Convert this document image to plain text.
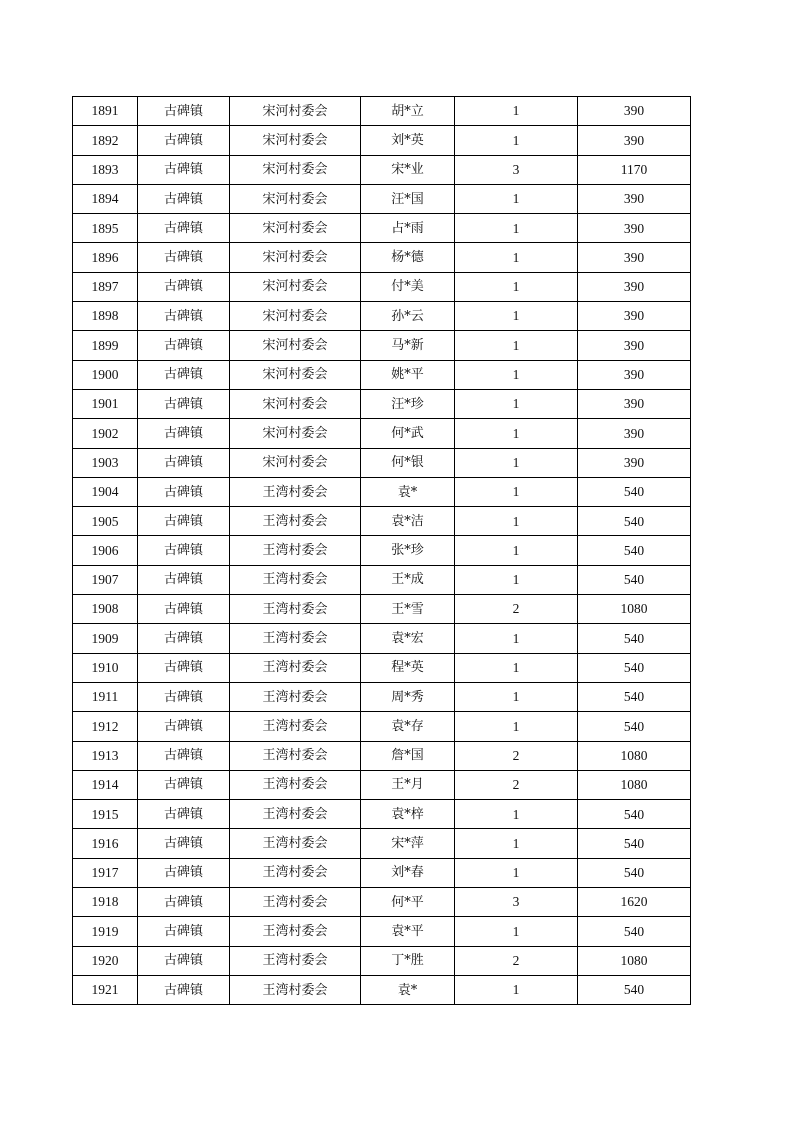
1891	古碑镇	宋河村委会	胡*立	1	390
1892	古碑镇	宋河村委会	刘*英	1	390
1893	古碑镇	宋河村委会	宋*业	3	1170
1894	古碑镇	宋河村委会	汪*国	1	390
1895	古碑镇	宋河村委会	占*雨	1	390
1896	古碑镇	宋河村委会	杨*德	1	390
1897	古碑镇	宋河村委会	付*美	1	390
1898	古碑镇	宋河村委会	孙*云	1	390
1899	古碑镇	宋河村委会	马*新	1	390
1900	古碑镇	宋河村委会	姚*平	1	390
1901	古碑镇	宋河村委会	汪*珍	1	390
1902	古碑镇	宋河村委会	何*武	1	390
1903	古碑镇	宋河村委会	何*银	1	390
1904	古碑镇	王湾村委会	袁*	1	540
1905	古碑镇	王湾村委会	袁*洁	1	540
1906	古碑镇	王湾村委会	张*珍	1	540
1907	古碑镇	王湾村委会	王*成	1	540
1908	古碑镇	王湾村委会	王*雪	2	1080
1909	古碑镇	王湾村委会	袁*宏	1	540
1910	古碑镇	王湾村委会	程*英	1	540
1911	古碑镇	王湾村委会	周*秀	1	540
1912	古碑镇	王湾村委会	袁*存	1	540
1913	古碑镇	王湾村委会	詹*国	2	1080
1914	古碑镇	王湾村委会	王*月	2	1080
1915	古碑镇	王湾村委会	袁*梓	1	540
1916	古碑镇	王湾村委会	宋*萍	1	540
1917	古碑镇	王湾村委会	刘*春	1	540
1918	古碑镇	王湾村委会	何*平	3	1620
1919	古碑镇	王湾村委会	袁*平	1	540
1920	古碑镇	王湾村委会	丁*胜	2	1080
1921	古碑镇	王湾村委会	袁*	1	540
